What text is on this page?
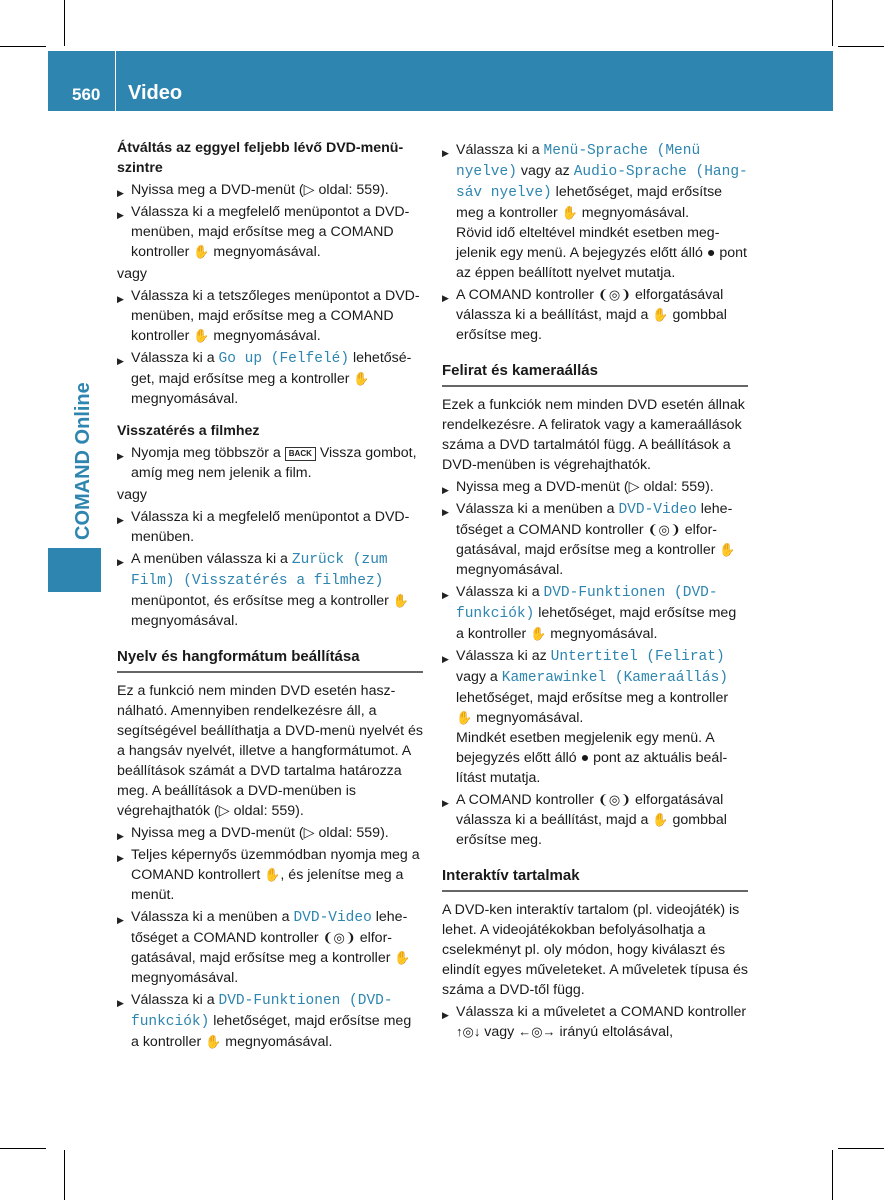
560 Video
COMAND Online

Átváltás az eggyel feljebb lévő DVD-menüszintre

▶ Nyissa meg a DVD-menüt (▷ oldal: 559).
▶ Válassza ki a megfelelő menüpontot a DVD-menüben, majd erősítse meg a COMAND kontroller ✋ megnyomásával.

vagy

▶ Válassza ki a tetszőleges menüpontot a DVD-menüben, majd erősítse meg a COMAND kontroller ✋ megnyomásával.
▶ Válassza ki a Go up (Felfelé) lehetőséget, majd erősítse meg a kontroller ✋ megnyomásával.

Visszatérés a filmhez

▶ Nyomja meg többször a BACK Vissza gombot, amíg meg nem jelenik a film.

vagy

▶ Válassza ki a megfelelő menüpontot a DVD-menüben.
▶ A menüben válassza ki a Zurück (zum Film) (Visszatérés a filmhez) menüpontot, és erősítse meg a kontroller ✋ megnyomásával.
Nyelv és hangformátum beállítása

Ez a funkció nem minden DVD esetén használható. Amennyiben rendelkezésre áll, a segítségével beállíthatja a DVD-menü nyelvét és a hangsáv nyelvét, illetve a hangformátumot. A beállítások számát a DVD tartalma határozza meg. A beállítások a DVD-menüben is végrehajthatók (▷ oldal: 559).

▶ Nyissa meg a DVD-menüt (▷ oldal: 559).
▶ Teljes képernyős üzemmódban nyomja meg a COMAND kontrollert ✋, és jelenítse meg a menüt.
▶ Válassza ki a menüben a DVD-Video lehetőséget a COMAND kontroller ❨◎❩ elforgatásával, majd erősítse meg a kontroller ✋ megnyomásával.
▶ Válassza ki a DVD-Funktionen (DVD-funkciók) lehetőséget, majd erősítse meg a kontroller ✋ megnyomásával.
▶ Válassza ki a Menü-Sprache (Menü nyelve) vagy az Audio-Sprache (Hangsáv nyelve) lehetőséget, majd erősítse meg a kontroller ✋ megnyomásával.
Rövid idő elteltével mindkét esetben megjelenik egy menü. A bejegyzés előtt álló ● pont az éppen beállított nyelvet mutatja.
▶ A COMAND kontroller ❨◎❩ elforgatásával válassza ki a beállítást, majd a ✋ gombbal erősítse meg.
Felirat és kameraállás

Ezek a funkciók nem minden DVD esetén állnak rendelkezésre. A feliratok vagy a kameraállások száma a DVD tartalmától függ. A beállítások a DVD-menüben is végrehajthatók.

▶ Nyissa meg a DVD-menüt (▷ oldal: 559).
▶ Válassza ki a menüben a DVD-Video lehetőséget a COMAND kontroller ❨◎❩ elforgatásával, majd erősítse meg a kontroller ✋ megnyomásával.
▶ Válassza ki a DVD-Funktionen (DVD-funkciók) lehetőséget, majd erősítse meg a kontroller ✋ megnyomásával.
▶ Válassza ki az Untertitel (Felirat) vagy a Kamerawinkel (Kameraállás) lehetőséget, majd erősítse meg a kontroller ✋ megnyomásával.
Mindkét esetben megjelenik egy menü. A bejegyzés előtt álló ● pont az aktuális beállítást mutatja.
▶ A COMAND kontroller ❨◎❩ elforgatásával válassza ki a beállítást, majd a ✋ gombbal erősítse meg.
Interaktív tartalmak

A DVD-ken interaktív tartalom (pl. videojáték) is lehet. A videojátékokban befolyásolhatja a cselekményt pl. oly módon, hogy kiválaszt és elindít egyes műveleteket. A műveletek típusa és száma a DVD-től függ.

▶ Válassza ki a műveletet a COMAND kontroller ↑◎↓ vagy ←◎→ irányú eltolásával,
